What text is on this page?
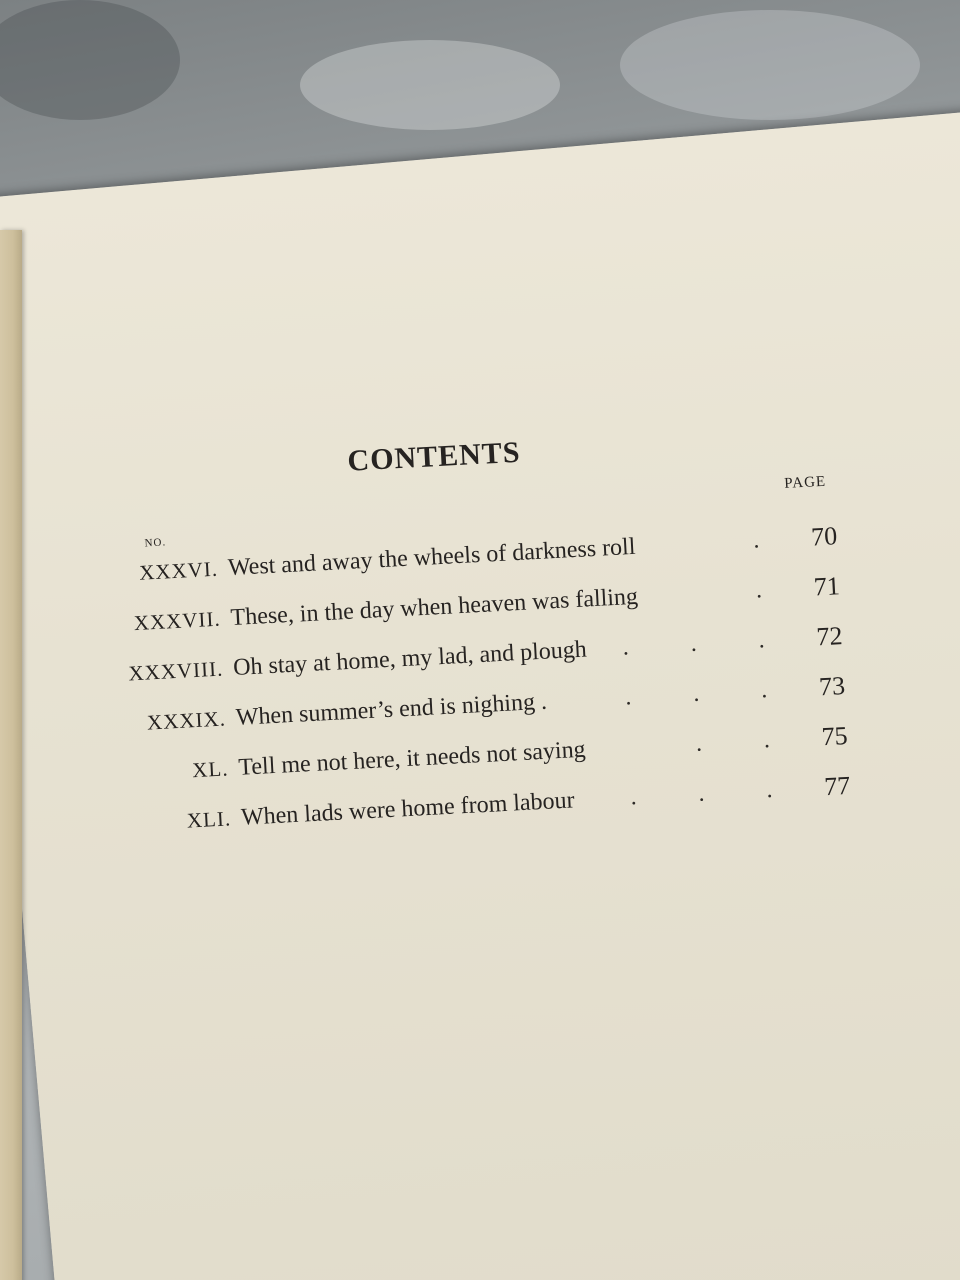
CONTENTS
PAGE
NO.
XXXVI. West and away the wheels of darkness roll	. 70
XXXVII. These, in the day when heaven was falling	. 71
XXXVIII. Oh stay at home, my lad, and plough	. . . 72
XXXIX. When summer’s end is nighing .	. . . 73
XL. Tell me not here, it needs not saying	. . 75
XLI. When lads were home from labour	. . . 77
